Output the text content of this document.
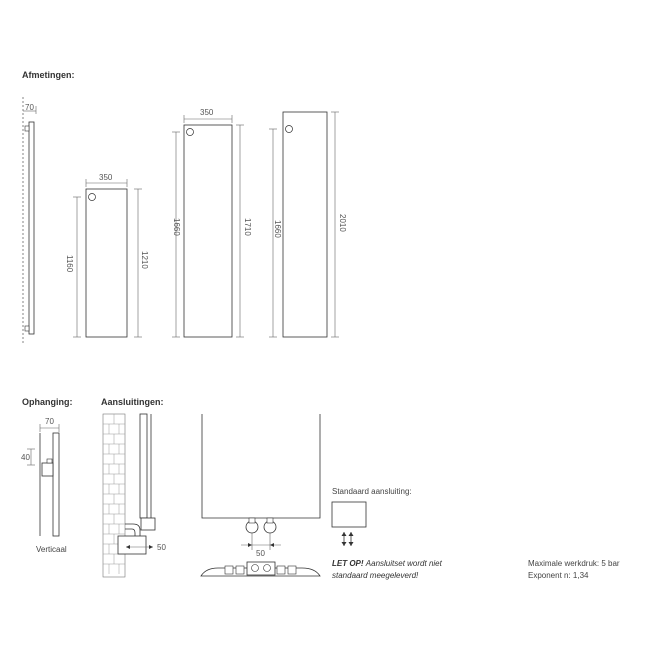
Afmetingen:
Ophanging:	Aansluitingen:
70
350
1160	1210
350
1660	1710	1660	2010
70
40
50
50
Verticaal
Standaard aansluiting:
LET OP! Aansluitset wordt niet
standaard meegeleverd!
Maximale werkdruk: 5 bar
Exponent n: 1,34
